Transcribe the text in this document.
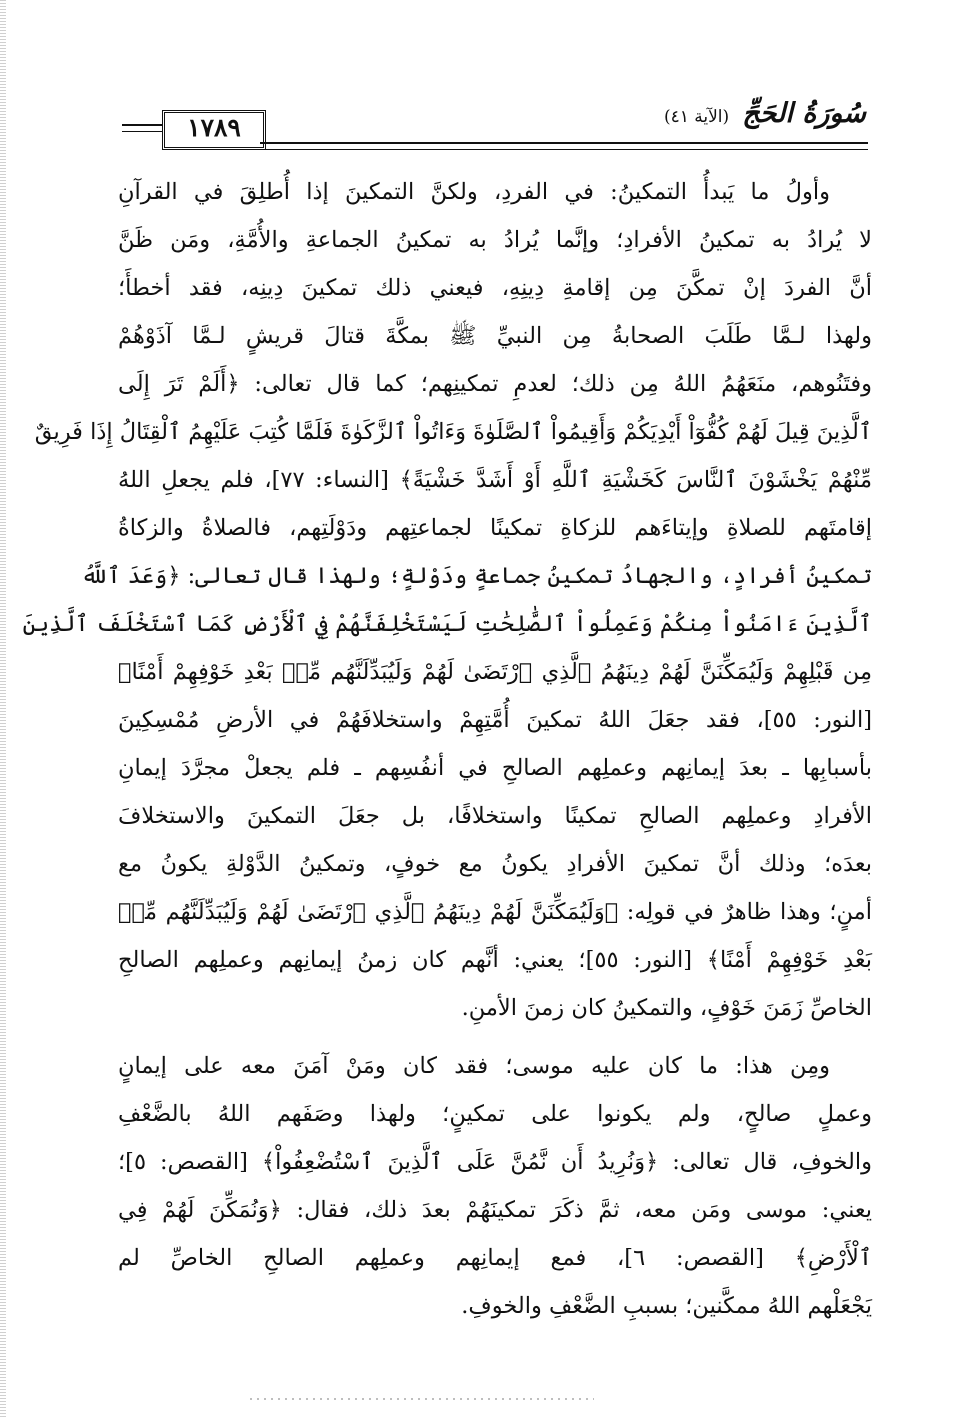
١٧٨٩	سُورَةُ الحَجِّ (الآية ٤١)
وأولُ ما يَبدأُ التمكينُ: في الفردِ، ولكنَّ التمكينَ إذا أُطلِقَ في القرآنِ
لا يُرادُ به تمكينُ الأفرادِ؛ وإنَّما يُرادُ به تمكينُ الجماعةِ والأُمَّةِ، ومَن ظَنَّ
أنَّ الفردَ إنْ تمكَّنَ مِن إقامةِ دِينِهِ، فيعني ذلك تمكينَ دِينِه، فقد أخطأَ؛
ولهذا لـمَّا طَلَبَ الصحابةُ مِن النبيِّ ﷺ بمكَّةَ قتالَ قريشٍ لـمَّا آذَوْهُمْ
وفتَنُوهم، منَعَهُمُ اللهُ مِن ذلك؛ لعدمِ تمكينِهم؛ كما قال تعالى: ﴿أَلَمْ تَرَ إِلَى
ٱلَّذِينَ قِيلَ لَهُمْ كُفُّوٓاْ أَيْدِيَكُمْ وَأَقِيمُواْ ٱلصَّلَوٰةَ وَءَاتُواْ ٱلزَّكَوٰةَ فَلَمَّا كُتِبَ عَلَيْهِمُ ٱلْقِتَالُ إِذَا فَرِيقٌ
مِّنْهُمْ يَخْشَوْنَ ٱلنَّاسَ كَخَشْيَةِ ٱللَّهِ أَوْ أَشَدَّ خَشْيَةً﴾ [النساء: ٧٧]، فلم يجعلِ اللهُ
إقامتَهم للصلاةِ وإيتاءَهم للزكاةِ تمكينًا لجماعتِهم ودَوْلَتِهم، فالصلاةُ والزكاةُ
تمكينُ أفرادٍ، والجهادُ تمكينُ جماعةٍ ودَوْلةٍ؛ ولهذا قال تعالى: ﴿وَعَدَ ٱللَّهُ
ٱلَّذِينَ ءَامَنُواْ مِنكُمْ وَعَمِلُواْ ٱلصَّٰلِحَٰتِ لَيَسْتَخْلِفَنَّهُمْ فِي ٱلْأَرْضِ كَمَا ٱسْتَخْلَفَ ٱلَّذِينَ
مِن قَبْلِهِمْ وَلَيُمَكِّنَنَّ لَهُمْ دِينَهُمُ ٱلَّذِي ٱرْتَضَىٰ لَهُمْ وَلَيُبَدِّلَنَّهُم مِّنۢ بَعْدِ خَوْفِهِمْ أَمْنًا﴾
[النور: ٥٥]، فقد جعَلَ اللهُ تمكينَ أُمَّتِهِمْ واستخلافَهُمْ في الأرضِ مُمْسِكِينَ
بأسبابِها ـ بعدَ إيمانِهم وعملِهم الصالحِ في أنفُسِهم ـ فلم يجعلْ مجرَّدَ إيمانِ
الأفرادِ وعملِهم الصالحِ تمكينًا واستخلافًا، بل جعَلَ التمكينَ والاستخلافَ
بعدَه؛ وذلك أنَّ تمكينَ الأفرادِ يكونُ مع خوفٍ، وتمكينُ الدَّوْلةِ يكونُ مع
أمنٍ؛ وهذا ظاهرٌ في قولِه: ﴿وَلَيُمَكِّنَنَّ لَهُمْ دِينَهُمُ ٱلَّذِي ٱرْتَضَىٰ لَهُمْ وَلَيُبَدِّلَنَّهُم مِّنۢ
بَعْدِ خَوْفِهِمْ أَمْنًا﴾ [النور: ٥٥]؛ يعني: أنَّهم كان زمنُ إيمانِهم وعملِهم الصالحِ
الخاصِّ زَمَنَ خَوْفٍ، والتمكينُ كان زمنَ الأمنِ.
ومِن هذا: ما كان عليه موسى؛ فقد كان ومَنْ آمَنَ معه على إيمانٍ
وعملٍ صالحٍ، ولم يكونوا على تمكينٍ؛ ولهذا وصَفَهم اللهُ بالضَّعْفِ
والخوفِ، قال تعالى: ﴿وَنُرِيدُ أَن نَّمُنَّ عَلَى ٱلَّذِينَ ٱسْتُضْعِفُواْ﴾ [القصص: ٥]؛
يعني: موسى ومَن معه، ثمَّ ذكَرَ تمكينَهُمْ بعدَ ذلك، فقال: ﴿وَنُمَكِّنَ لَهُمْ فِي
ٱلْأَرْضِ﴾ [القصص: ٦]، فمع إيمانِهم وعملِهم الصالحِ الخاصِّ لم
يَجْعَلْهم اللهُ ممكَّنين؛ بسببِ الضَّعْفِ والخوفِ.
